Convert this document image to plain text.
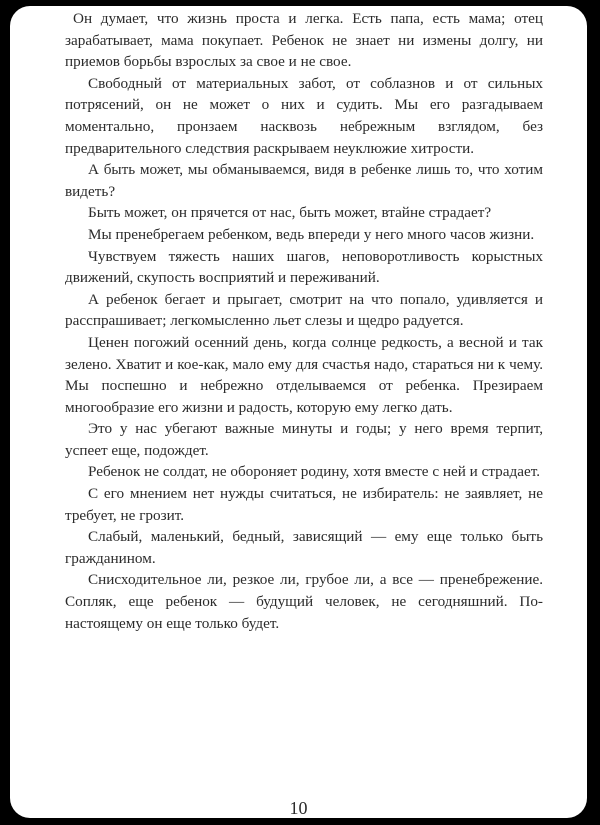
Он думает, что жизнь проста и легка. Есть папа, есть мама; отец зарабатывает, мама покупает. Ребенок не знает ни измены долгу, ни приемов борьбы взрослых за свое и не свое.

Свободный от материальных забот, от соблазнов и от сильных потрясений, он не может о них и судить. Мы его разгадываем моментально, пронзаем насквозь небрежным взглядом, без предварительного следствия раскрываем неуклюжие хитрости.

А быть может, мы обманываемся, видя в ребенке лишь то, что хотим видеть?

Быть может, он прячется от нас, быть может, втайне страдает?

Мы пренебрегаем ребенком, ведь впереди у него много часов жизни.

Чувствуем тяжесть наших шагов, неповоротливость корыстных движений, скупость восприятий и переживаний.

А ребенок бегает и прыгает, смотрит на что попало, удивляется и расспрашивает; легкомысленно льет слезы и щедро радуется.

Ценен погожий осенний день, когда солнце редкость, а весной и так зелено. Хватит и кое-как, мало ему для счастья надо, стараться ни к чему. Мы поспешно и небрежно отделываемся от ребенка. Презираем многообразие его жизни и радость, которую ему легко дать.

Это у нас убегают важные минуты и годы; у него время терпит, успеет еще, подождет.

Ребенок не солдат, не обороняет родину, хотя вместе с ней и страдает.

С его мнением нет нужды считаться, не избиратель: не заявляет, не требует, не грозит.

Слабый, маленький, бедный, зависящий — ему еще только быть гражданином.

Снисходительное ли, резкое ли, грубое ли, а все — пренебрежение. Сопляк, еще ребенок — будущий человек, не сегодняшний. По-настоящему он еще только будет.

10
